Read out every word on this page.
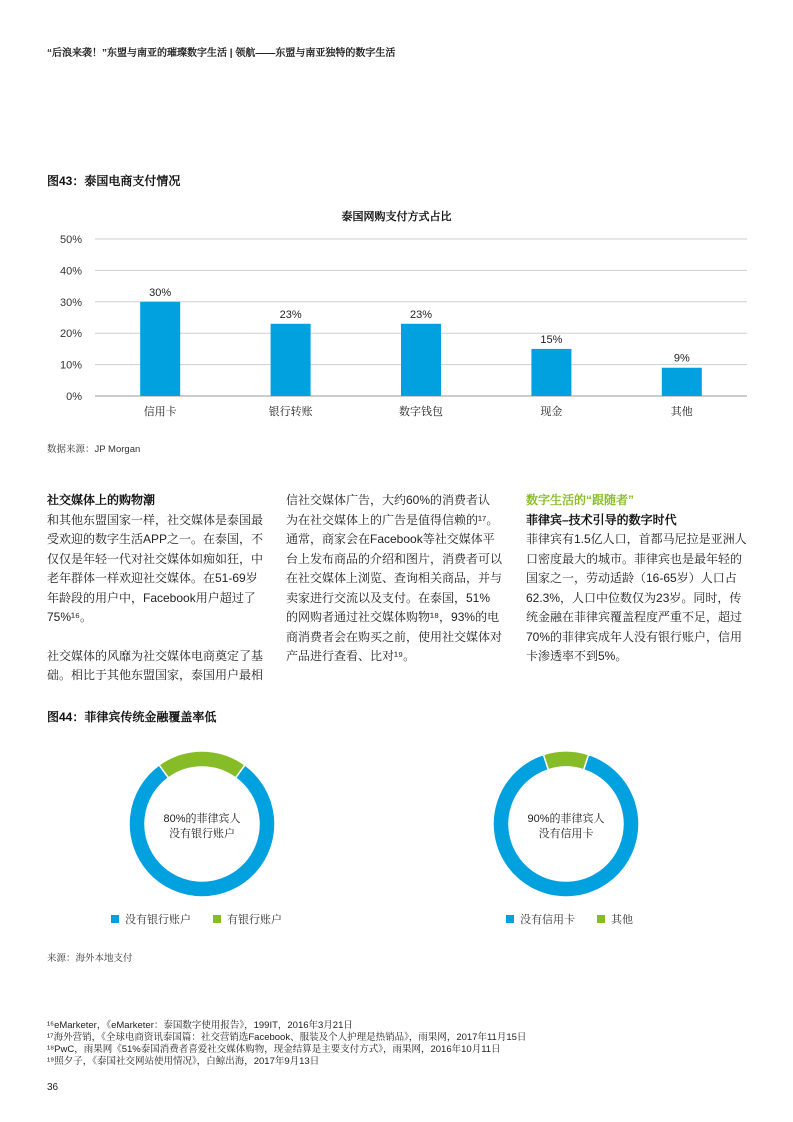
“后浪来袭！”东盟与南亚的璀璨数字生活 | 领航——东盟与南亚独特的数字生活
图43：泰国电商支付情况
泰国网购支付方式占比
0%
10%
20%
30%
40%
50%
30%
23%	23%
15%
9%
信用卡	银行转账	数字钱包	现金	其他
数据来源：JP Morgan

社交媒体上的购物潮

和其他东盟国家一样，社交媒体是泰国最受欢迎的数字生活APP之一。在泰国，不仅仅是年轻一代对社交媒体如痴如狂，中老年群体一样欢迎社交媒体。在51-69岁年龄段的用户中，Facebook用户超过了75%¹⁶。

社交媒体的风靡为社交媒体电商奠定了基础。相比于其他东盟国家，泰国用户最相

信社交媒体广告，大约60%的消费者认为在社交媒体上的广告是值得信赖的¹⁷。通常，商家会在Facebook等社交媒体平台上发布商品的介绍和图片，消费者可以在社交媒体上浏览、查询相关商品，并与卖家进行交流以及支付。在泰国，51%的网购者通过社交媒体购物¹⁸，93%的电商消费者会在购买之前，使用社交媒体对产品进行查看、比对¹⁹。

数字生活的“跟随者”

菲律宾–技术引导的数字时代

菲律宾有1.5亿人口，首都马尼拉是亚洲人口密度最大的城市。菲律宾也是最年轻的国家之一，劳动适龄（16-65岁）人口占62.3%，人口中位数仅为23岁。同时，传统金融在菲律宾覆盖程度严重不足，超过70%的菲律宾成年人没有银行账户，信用卡渗透率不到5%。

图44：菲律宾传统金融覆盖率低
80%的菲律宾人
没有银行账户
90%的菲律宾人
没有信用卡
没有银行账户	有银行账户	没有信用卡	其他
来源：海外本地支付
¹⁶eMarketer，《eMarketer：泰国数字使用报告》，199IT，2016年3月21日
¹⁷海外营销，《全球电商资讯泰国篇：社交营销选Facebook、服装及个人护理是热销品》，雨果网，2017年11月15日
¹⁸PwC，雨果网《51%泰国消费者喜爱社交媒体购物，现金结算是主要支付方式》，雨果网，2016年10月11日
¹⁹照夕子，《泰国社交网站使用情况》，白鲸出海，2017年9月13日
36
